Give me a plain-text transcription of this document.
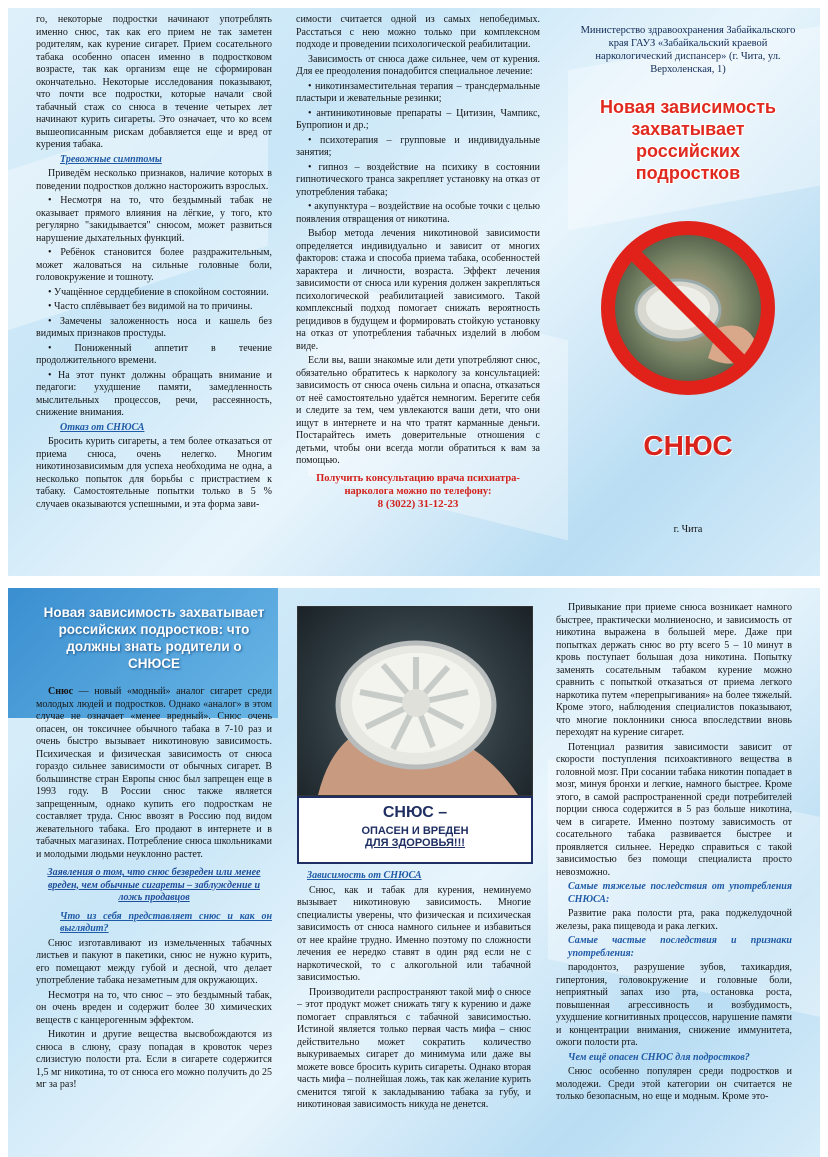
го, некоторые подростки начинают употреблять именно снюс, так как его прием не так заметен родителям, как курение сигарет. Прием сосательного табака особенно опасен именно в подростковом возрасте, так как организм еще не сформирован окончательно. Некоторые исследования показывают, что почти все подростки, которые начали свой табачный стаж со снюса в течение четырех лет начинают курить сигареты. Это означает, что ко всем вышеописанным рискам добавляется еще и вред от курения табака.

Тревожные симптомы

Приведём несколько признаков, наличие которых в поведении подростков должно насторожить взрослых.

• Несмотря на то, что бездымный табак не оказывает прямого влияния на лёгкие, у того, кто регулярно "закидывается" снюсом, может развиться нарушение дыхательных функций.

• Ребёнок становится более раздражительным, может жаловаться на сильные головные боли, головокружение и тошноту.

• Учащённое сердцебиение в спокойном состоянии.

• Часто сплёвывает без видимой на то причины.

• Замечены заложенность носа и кашель без видимых признаков простуды.

• Пониженный аппетит в течение продолжительного времени.

• На этот пункт должны обращать внимание и педагоги: ухудшение памяти, замедленность мыслительных процессов, речи, рассеянность, снижение внимания.

Отказ от СНЮСА

Бросить курить сигареты, а тем более отказаться от приема снюса, очень нелегко. Многим никотинозависимым для успеха необходима не одна, а несколько попыток для борьбы с пристрастием к табаку. Самостоятельные попытки только в 5 % случаев оказываются успешными, и эта форма зави-

симости считается одной из самых непобедимых. Расстаться с нею можно только при комплексном подходе и проведении психологической реабилитации.

Зависимость от снюса даже сильнее, чем от курения. Для ее преодоления понадобится специальное лечение:

• никотинзаместительная терапия – трансдермальные пластыри и жевательные резинки;

• антиникотиновые препараты – Цитизин, Чампикс, Бупропион и др.;

• психотерапия – групповые и индивидуальные занятия;

• гипноз – воздействие на психику в состоянии гипнотического транса закрепляет установку на отказ от употребления табака;

• акупунктура – воздействие на особые точки с целью появления отвращения от никотина.

Выбор метода лечения никотиновой зависимости определяется индивидуально и зависит от многих факторов: стажа и способа приема табака, особенностей характера и личности, возраста. Эффект лечения зависимости от снюса или курения должен закрепляться психологической реабилитацией зависимого. Такой комплексный подход помогает снижать вероятность рецидивов в будущем и формировать стойкую установку на отказ от употребления табачных изделий в любом виде.

Если вы, ваши знакомые или дети употребляют снюс, обязательно обратитесь к наркологу за консультацией: зависимость от снюса очень сильна и опасна, отказаться от неё самостоятельно удаётся немногим. Берегите себя и следите за тем, чем увлекаются ваши дети, что они ищут в интернете и на что тратят карманные деньги. Постарайтесь иметь доверительные отношения с детьми, чтобы они всегда могли обратиться к вам за помощью.

Получить консультацию врача психиатра-нарколога можно по телефону:
8 (3022) 31-12-23
Министерство здравоохранения Забайкальского края ГАУЗ «Забайкальский краевой наркологический диспансер» (г. Чита, ул. Верхоленская, 1)
Новая зависимость захватывает российских подростков
СНЮС
г. Чита
Новая зависимость захватывает российских подростков: что должны знать родители о СНЮСЕ

Снюс — новый «модный» аналог сигарет среди молодых людей и подростков. Однако «аналог» в этом случае не означает «менее вредный». Снюс очень опасен, он токсичнее обычного табака в 7-10 раз и очень быстро вызывает никотиновую зависимость. Психическая и физическая зависимость от снюса гораздо сильнее зависимости от обычных сигарет. В большинстве стран Европы снюс был запрещен еще в 1993 году. В России снюс также является запрещенным, однако купить его подросткам не составляет труда. Снюс ввозят в Россию под видом жевательного табака. Его продают в интернете и в табачных магазинах. Потребление снюса школьниками и молодыми людьми неуклонно растет.

Заявления о том, что снюс безвреден или менее вреден, чем обычные сигареты – заблуждение и ложь продавцов
Что из себя представляет снюс и как он выглядит?

Снюс изготавливают из измельченных табачных листьев и пакуют в пакетики, снюс не нужно курить, его помещают между губой и десной, что делает употребление табака незаметным для окружающих.

Несмотря на то, что снюс – это бездымный табак, он очень вреден и содержит более 30 химических веществ с канцерогенным эффектом.

Никотин и другие вещества высвобождаются из снюса в слюну, сразу попадая в кровоток через слизистую полости рта. Если в сигарете содержится 1,5 мг никотина, то от снюса его можно получить до 25 мг за раз!

СНЮС –
ОПАСЕН И ВРЕДЕН
ДЛЯ ЗДОРОВЬЯ!!!
Зависимость от СНЮСА

Снюс, как и табак для курения, неминуемо вызывает никотиновую зависимость. Многие специалисты уверены, что физическая и психическая зависимость от снюса намного сильнее и избавиться от нее крайне трудно. Именно поэтому по сложности лечения ее нередко ставят в один ряд если не с наркотической, то с алкогольной или табачной зависимостью.

Производители распространяют такой миф о снюсе – этот продукт может снижать тягу к курению и даже помогает справляться с табачной зависимостью. Истиной является только первая часть мифа – снюс действительно может сократить количество выкуриваемых сигарет до минимума или даже вы можете вовсе бросить курить сигареты. Однако вторая часть мифа – полнейшая ложь, так как желание курить сменится тягой к закладыванию табака за губу, и никотиновая зависимость никуда не денется.

Привыкание при приеме снюса возникает намного быстрее, практически молниеносно, и зависимость от никотина выражена в большей мере. Даже при попытках держать снюс во рту всего 5 – 10 минут в кровь поступает большая доза никотина. Попытку заменять сосательным табаком курение можно сравнить с попыткой отказаться от приема легкого наркотика путем «перепрыгивания» на более тяжелый. Кроме этого, наблюдения специалистов показывают, что многие поклонники снюса впоследствии вновь переходят на курение сигарет.

Потенциал развития зависимости зависит от скорости поступления психоактивного вещества в головной мозг. При сосании табака никотин попадает в мозг, минуя бронхи и легкие, намного быстрее. Кроме этого, в самой распространенной среди потребителей порции снюса содержится в 5 раз больше никотина, чем в сигарете. Именно поэтому зависимость от сосательного табака развивается быстрее и проявляется сильнее. Нередко справиться с такой зависимостью без помощи специалиста просто невозможно.

Самые тяжелые последствия от употребления СНЮСА:

Развитие рака полости рта, рака поджелудочной железы, рака пищевода и рака легких.

Самые частые последствия и признаки употребления:

пародонтоз, разрушение зубов, тахикардия, гипертония, головокружение и головные боли, неприятный запах изо рта, остановка роста, повышенная агрессивность и возбудимость, ухудшение когнитивных процессов, нарушение памяти и концентрации внимания, снижение иммунитета, ожоги полости рта.

Чем ещё опасен СНЮС для подростков?

Снюс особенно популярен среди подростков и молодежи. Среди этой категории он считается не только безопасным, но еще и модным. Кроме это-
